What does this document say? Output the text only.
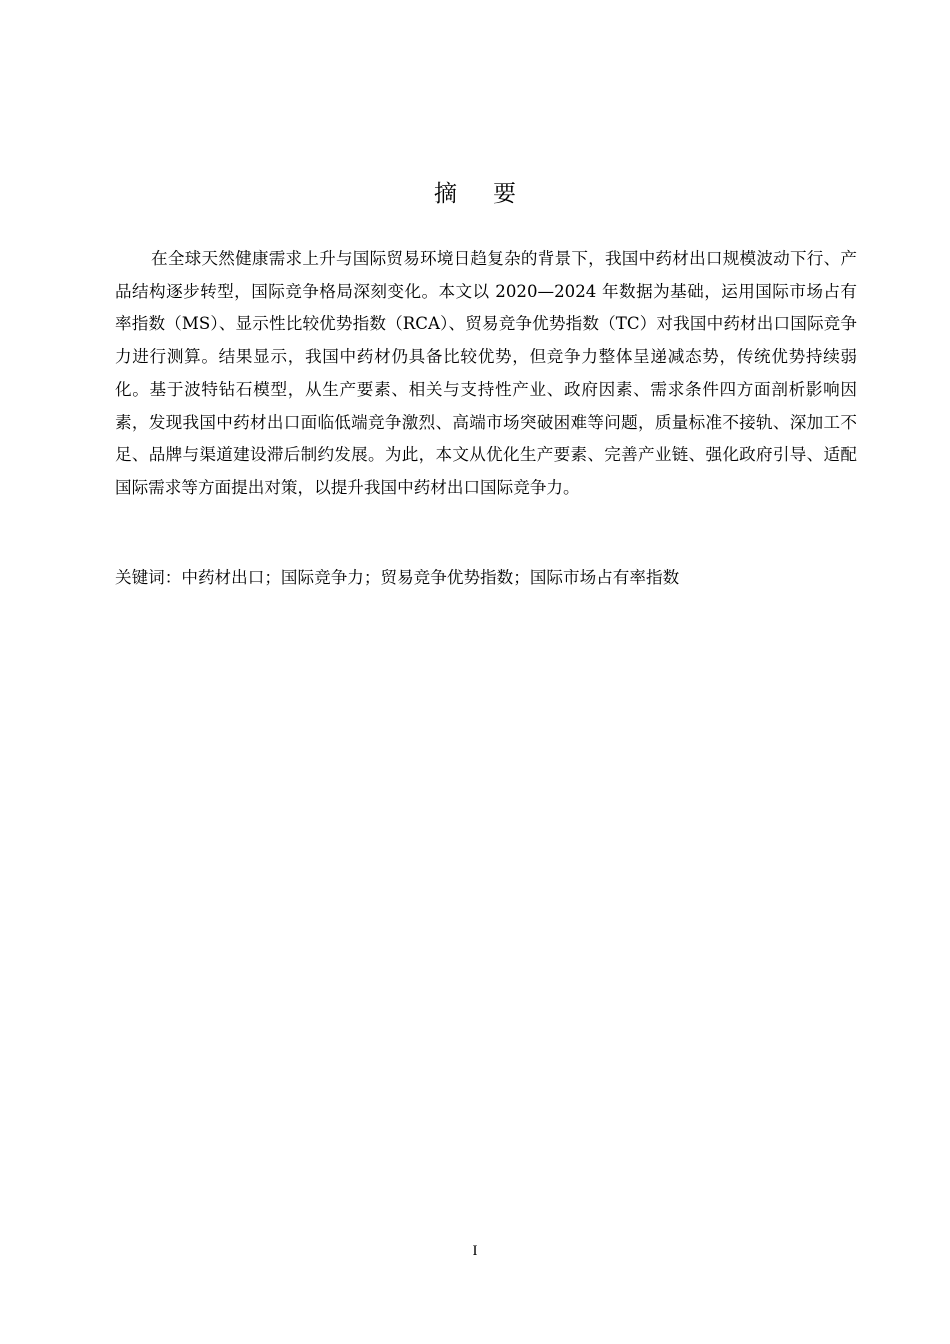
摘要

在全球天然健康需求上升与国际贸易环境日趋复杂的背景下，我国中药材出口规模波动下行、产品结构逐步转型，国际竞争格局深刻变化。本文以 2020—2024 年数据为基础，运用国际市场占有率指数（MS）、显示性比较优势指数（RCA）、贸易竞争优势指数（TC）对我国中药材出口国际竞争力进行测算。结果显示，我国中药材仍具备比较优势，但竞争力整体呈递减态势，传统优势持续弱化。基于波特钻石模型，从生产要素、相关与支持性产业、政府因素、需求条件四方面剖析影响因素，发现我国中药材出口面临低端竞争激烈、高端市场突破困难等问题，质量标准不接轨、深加工不足、品牌与渠道建设滞后制约发展。为此，本文从优化生产要素、完善产业链、强化政府引导、适配国际需求等方面提出对策，以提升我国中药材出口国际竞争力。

关键词：中药材出口；国际竞争力；贸易竞争优势指数；国际市场占有率指数
I
